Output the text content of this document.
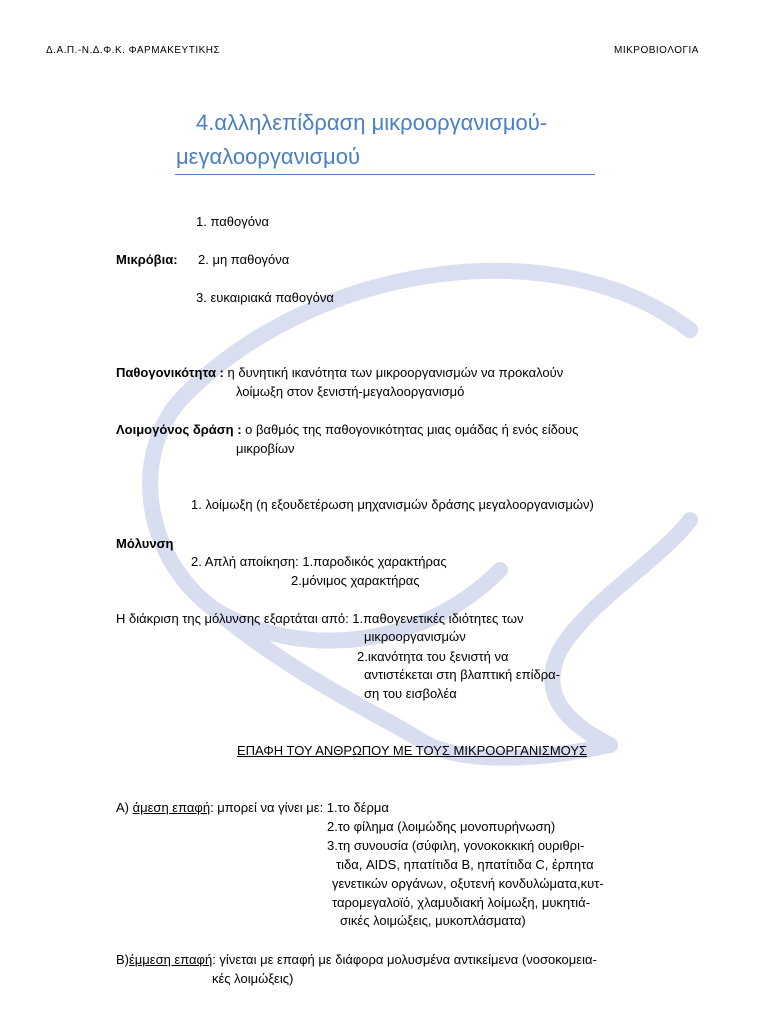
Δ.Α.Π.-Ν.Δ.Φ.Κ. ΦΑΡΜΑΚΕΥΤΙΚΗΣ	ΜΙΚΡΟΒΙΟΛΟΓΙΑ
4.αλληλεπίδραση μικροοργανισμού-
μεγαλοοργανισμού
1. παθογόνα
Μικρόβια: 2. μη παθογόνα
3. ευκαιριακά παθογόνα
Παθογονικότητα : η δυνητική ικανότητα των μικροοργανισμών να προκαλούν
λοίμωξη στον ξενιστή-μεγαλοοργανισμό
Λοιμογόνος δράση : ο βαθμός της παθογονικότητας μιας ομάδας ή ενός είδους
μικροβίων
1. λοίμωξη (η εξουδετέρωση μηχανισμών δράσης μεγαλοοργανισμών)
Μόλυνση
2. Απλή αποίκηση: 1.παροδικός χαρακτήρας
2.μόνιμος χαρακτήρας
Η διάκριση της μόλυνσης εξαρτάται από: 1.παθογενετικές ιδιότητες των
μικροοργανισμών
2.ικανότητα του ξενιστή να
αντιστέκεται στη βλαπτική επίδρα-
ση του εισβολέα
ΕΠΑΦΗ ΤΟΥ ΑΝΘΡΩΠΟΥ ΜΕ ΤΟΥΣ ΜΙΚΡΟΟΡΓΑΝΙΣΜΟΥΣ
Α) άμεση επαφή: μπορεί να γίνει με: 1.το δέρμα
2.το φίλημα (λοιμώδης μονοπυρήνωση)
3.τη συνουσία (σύφιλη, γονοκοκκική ουριθρι-
τιδα, AIDS, ηπατίτιδα Β, ηπατίτιδα C, έρπητα
γενετικών οργάνων, οξυτενή κονδυλώματα,κυτ-
ταρομεγαλοϊό, χλαμυδιακή λοίμωξη, μυκητιά-
σικές λοιμώξεις, μυκοπλάσματα)
Β)έμμεση επαφή: γίνεται με επαφή με διάφορα μολυσμένα αντικείμενα (νοσοκομεια-
κές λοιμώξεις)
